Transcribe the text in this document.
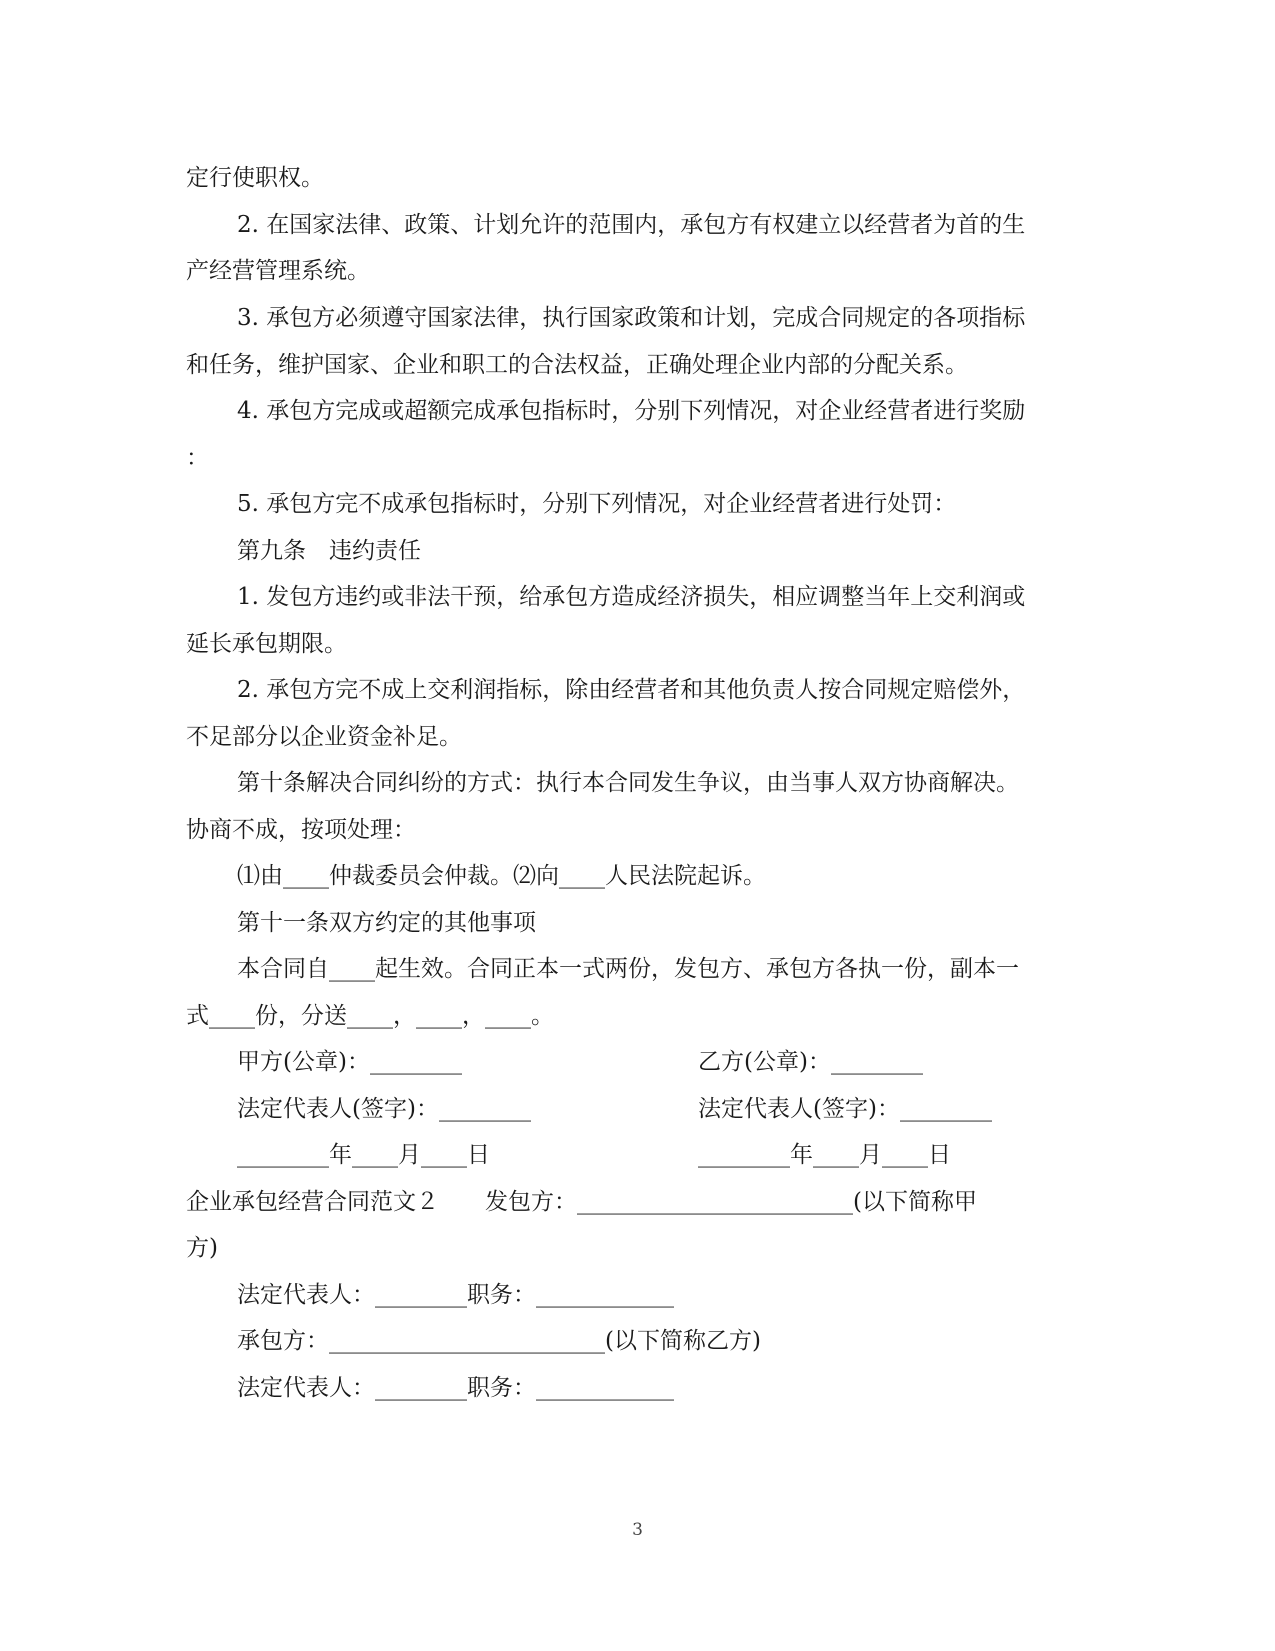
定行使职权。
2. 在国家法律、政策、计划允许的范围内，承包方有权建立以经营者为首的生
产经营管理系统。
3. 承包方必须遵守国家法律，执行国家政策和计划，完成合同规定的各项指标
和任务，维护国家、企业和职工的合法权益，正确处理企业内部的分配关系。
4. 承包方完成或超额完成承包指标时，分别下列情况，对企业经营者进行奖励
：
5. 承包方完不成承包指标时，分别下列情况，对企业经营者进行处罚：
第九条　违约责任
1. 发包方违约或非法干预，给承包方造成经济损失，相应调整当年上交利润或
延长承包期限。
2. 承包方完不成上交利润指标，除由经营者和其他负责人按合同规定赔偿外，
不足部分以企业资金补足。
第十条解决合同纠纷的方式：执行本合同发生争议，由当事人双方协商解决。
协商不成，按项处理：
⑴由____仲裁委员会仲裁。⑵向____人民法院起诉。
第十一条双方约定的其他事项
本合同自____起生效。合同正本一式两份，发包方、承包方各执一份，副本一
式____份，分送____，____，____。
甲方(公章)：________	乙方(公章)：________
法定代表人(签字)：________	法定代表人(签字)：________
________年____月____日	________年____月____日
企业承包经营合同范文２　　发包方：________________________(以下简称甲
方)
法定代表人：________职务：____________
承包方：________________________(以下简称乙方)
法定代表人：________职务：____________
3
